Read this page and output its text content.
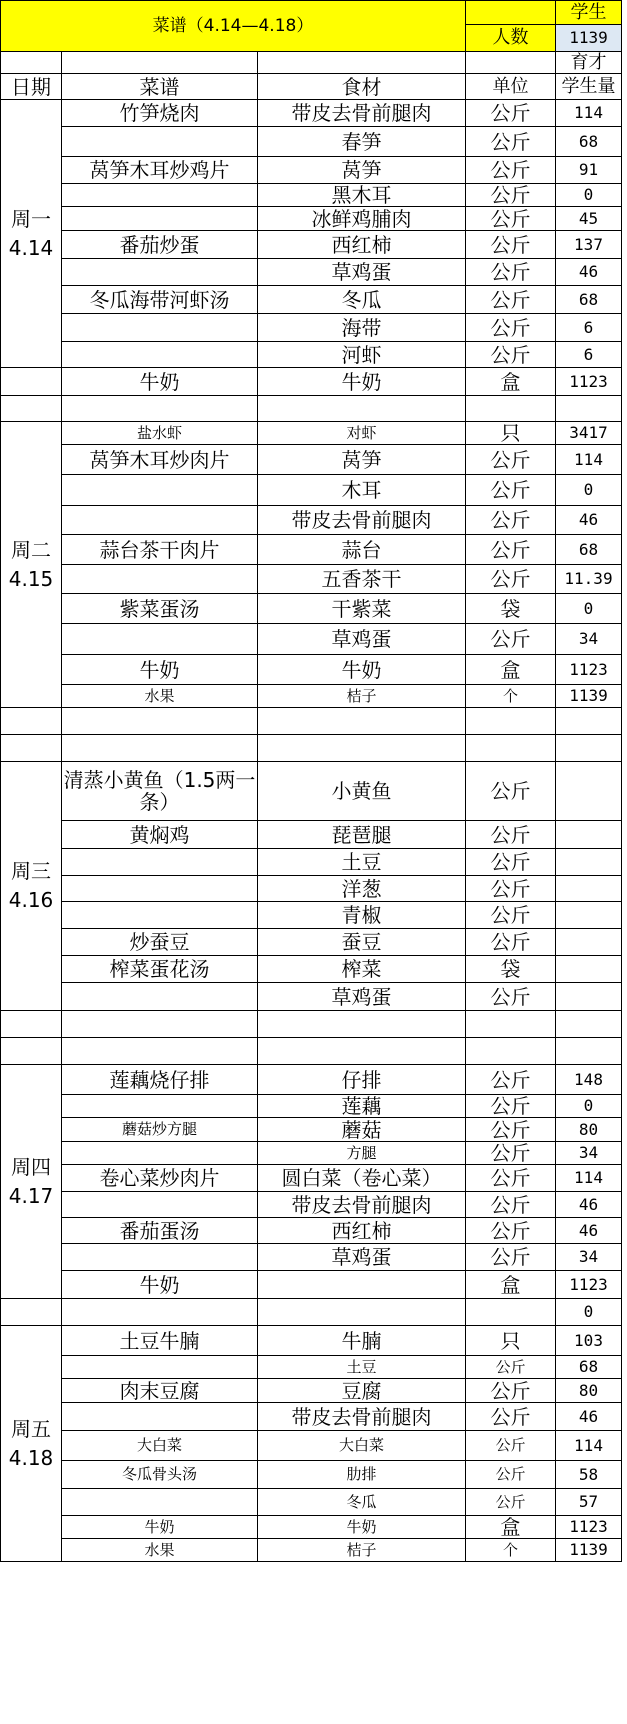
菜谱（4.14—4.18）				学生
			人数	1139
				育才
日期	菜谱	食材	单位	学生量
周一
4.14	竹笋烧肉	带皮去骨前腿肉	公斤	114
		春笋	公斤	68
	莴笋木耳炒鸡片	莴笋	公斤	91
		黑木耳	公斤	0
		冰鲜鸡脯肉	公斤	45
	番茄炒蛋	西红柿	公斤	137
		草鸡蛋	公斤	46
	冬瓜海带河虾汤	冬瓜	公斤	68
		海带	公斤	6
		河虾	公斤	6
	牛奶	牛奶	盒	1123

周二
4.15	盐水虾	对虾	只	3417
	莴笋木耳炒肉片	莴笋	公斤	114
		木耳	公斤	0
		带皮去骨前腿肉	公斤	46
	蒜台茶干肉片	蒜台	公斤	68
		五香茶干	公斤	11.39
	紫菜蛋汤	干紫菜	袋	0
		草鸡蛋	公斤	34
	牛奶	牛奶	盒	1123
	水果	桔子	个	1139

周三
4.16	清蒸小黄鱼（1.5两一条）	小黄鱼	公斤	
	黄焖鸡	琵琶腿	公斤	
		土豆	公斤	
		洋葱	公斤	
		青椒	公斤	
	炒蚕豆	蚕豆	公斤	
	榨菜蛋花汤	榨菜	袋	
		草鸡蛋	公斤	

周四
4.17	莲藕烧仔排	仔排	公斤	148
		莲藕	公斤	0
	蘑菇炒方腿	蘑菇	公斤	80
		方腿	公斤	34
	卷心菜炒肉片	圆白菜（卷心菜）	公斤	114
		带皮去骨前腿肉	公斤	46
	番茄蛋汤	西红柿	公斤	46
		草鸡蛋	公斤	34
	牛奶		盒	1123
				0
周五
4.18	土豆牛腩	牛腩	只	103
		土豆	公斤	68
	肉末豆腐	豆腐	公斤	80
		带皮去骨前腿肉	公斤	46
	大白菜	大白菜	公斤	114
	冬瓜骨头汤	肋排	公斤	58
		冬瓜	公斤	57
	牛奶	牛奶	盒	1123
	水果	桔子	个	1139
